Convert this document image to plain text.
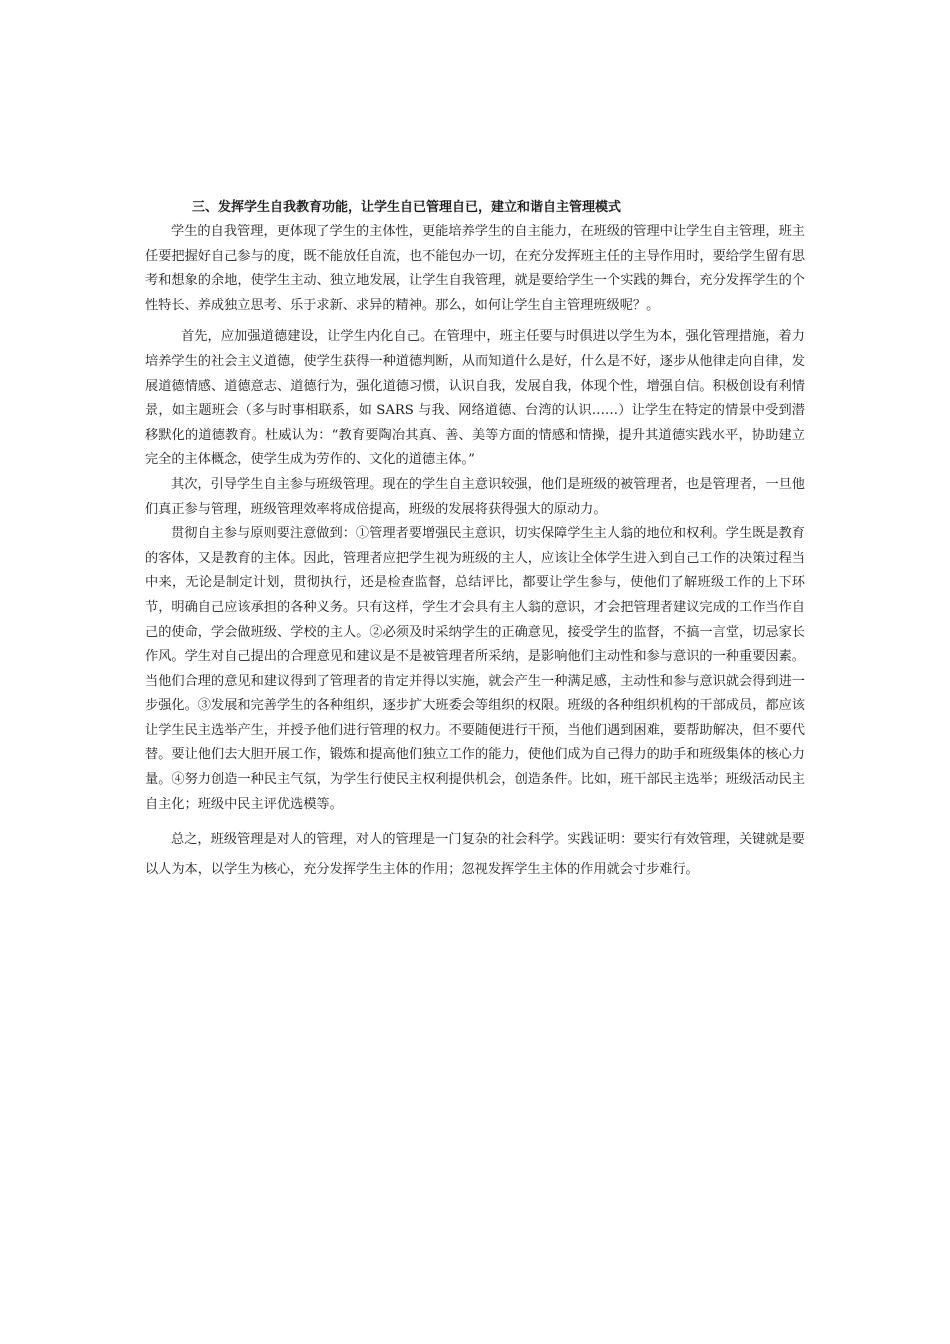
三、发挥学生自我教育功能，让学生自已管理自已，建立和谐自主管理模式

学生的自我管理，更体现了学生的主体性，更能培养学生的自主能力，在班级的管理中让学生自主管理，班主任要把握好自己参与的度，既不能放任自流，也不能包办一切，在充分发挥班主任的主导作用时，要给学生留有思考和想象的余地，使学生主动、独立地发展，让学生自我管理，就是要给学生一个实践的舞台，充分发挥学生的个性特长、养成独立思考、乐于求新、求异的精神。那么，如何让学生自主管理班级呢？。

首先，应加强道德建设，让学生内化自己。在管理中，班主任要与时俱进以学生为本，强化管理措施，着力培养学生的社会主义道德，使学生获得一种道德判断，从而知道什么是好，什么是不好，逐步从他律走向自律，发展道德情感、道德意志、道德行为，强化道德习惯，认识自我，发展自我，体现个性，增强自信。积极创设有利情景，如主题班会（多与时事相联系，如 SARS 与我、网络道德、台湾的认识……）让学生在特定的情景中受到潜移默化的道德教育。杜威认为：“教育要陶冶其真、善、美等方面的情感和情操，提升其道德实践水平，协助建立完全的主体概念，使学生成为劳作的、文化的道德主体。”

其次，引导学生自主参与班级管理。现在的学生自主意识较强，他们是班级的被管理者，也是管理者，一旦他们真正参与管理，班级管理效率将成倍提高，班级的发展将获得强大的原动力。

贯彻自主参与原则要注意做到：①管理者要增强民主意识，切实保障学生主人翁的地位和权利。学生既是教育的客体，又是教育的主体。因此，管理者应把学生视为班级的主人，应该让全体学生进入到自己工作的决策过程当中来，无论是制定计划，贯彻执行，还是检查监督，总结评比，都要让学生参与，使他们了解班级工作的上下环节，明确自己应该承担的各种义务。只有这样，学生才会具有主人翁的意识，才会把管理者建议完成的工作当作自己的使命，学会做班级、学校的主人。②必须及时采纳学生的正确意见，接受学生的监督，不搞一言堂，切忌家长作风。学生对自己提出的合理意见和建议是不是被管理者所采纳，是影响他们主动性和参与意识的一种重要因素。当他们合理的意见和建议得到了管理者的肯定并得以实施，就会产生一种满足感，主动性和参与意识就会得到进一步强化。③发展和完善学生的各种组织，逐步扩大班委会等组织的权限。班级的各种组织机构的干部成员，都应该让学生民主选举产生，并授予他们进行管理的权力。不要随便进行干预，当他们遇到困难，要帮助解决，但不要代替。要让他们去大胆开展工作，锻炼和提高他们独立工作的能力，使他们成为自己得力的助手和班级集体的核心力量。④努力创造一种民主气氛，为学生行使民主权利提供机会，创造条件。比如，班干部民主选举；班级活动民主自主化；班级中民主评优选模等。

总之，班级管理是对人的管理，对人的管理是一门复杂的社会科学。实践证明：要实行有效管理，关键就是要以人为本，以学生为核心，充分发挥学生主体的作用；忽视发挥学生主体的作用就会寸步难行。
